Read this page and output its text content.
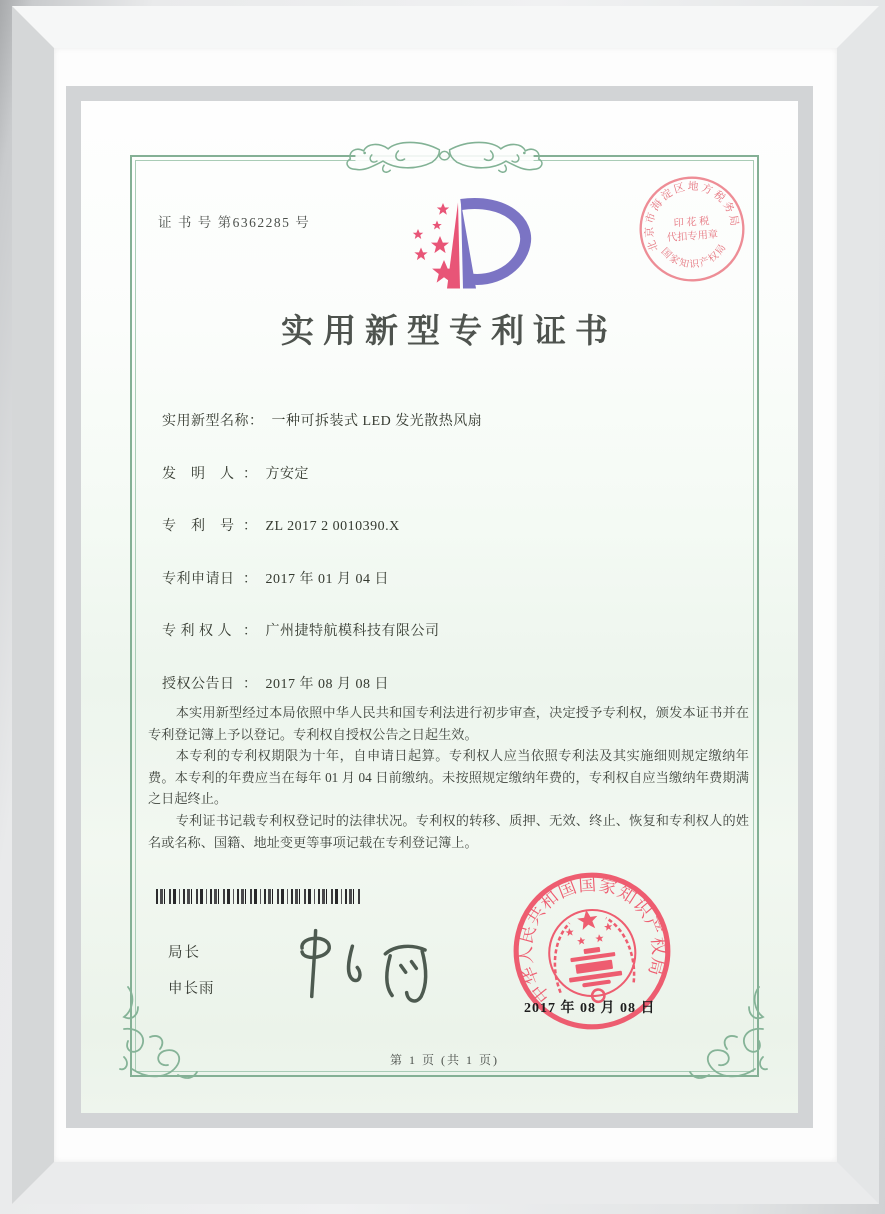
证 书 号 第6362285 号
北京市海淀区地方税务局
国家知识产权局
印 花 税
代扣专用章
实用新型专利证书
实用新型名称 ： 一种可拆装式 LED 发光散热风扇
发　明　人 ： 方安定
专　利　号 ： ZL 2017 2 0010390.X
专利申请日 ： 2017 年 01 月 04 日
专 利 权 人 ： 广州捷特航模科技有限公司
授权公告日 ： 2017 年 08 月 08 日

本实用新型经过本局依照中华人民共和国专利法进行初步审查，决定授予专利权，颁发本证书并在专利登记簿上予以登记。专利权自授权公告之日起生效。

本专利的专利权期限为十年，自申请日起算。专利权人应当依照专利法及其实施细则规定缴纳年费。本专利的年费应当在每年 01 月 04 日前缴纳。未按照规定缴纳年费的，专利权自应当缴纳年费期满之日起终止。

专利证书记载专利权登记时的法律状况。专利权的转移、质押、无效、终止、恢复和专利权人的姓名或名称、国籍、地址变更等事项记载在专利登记簿上。

局长
申长雨	中华人民共和国国家知识产权局
2017 年 08 月 08 日
第 1 页 (共 1 页)
